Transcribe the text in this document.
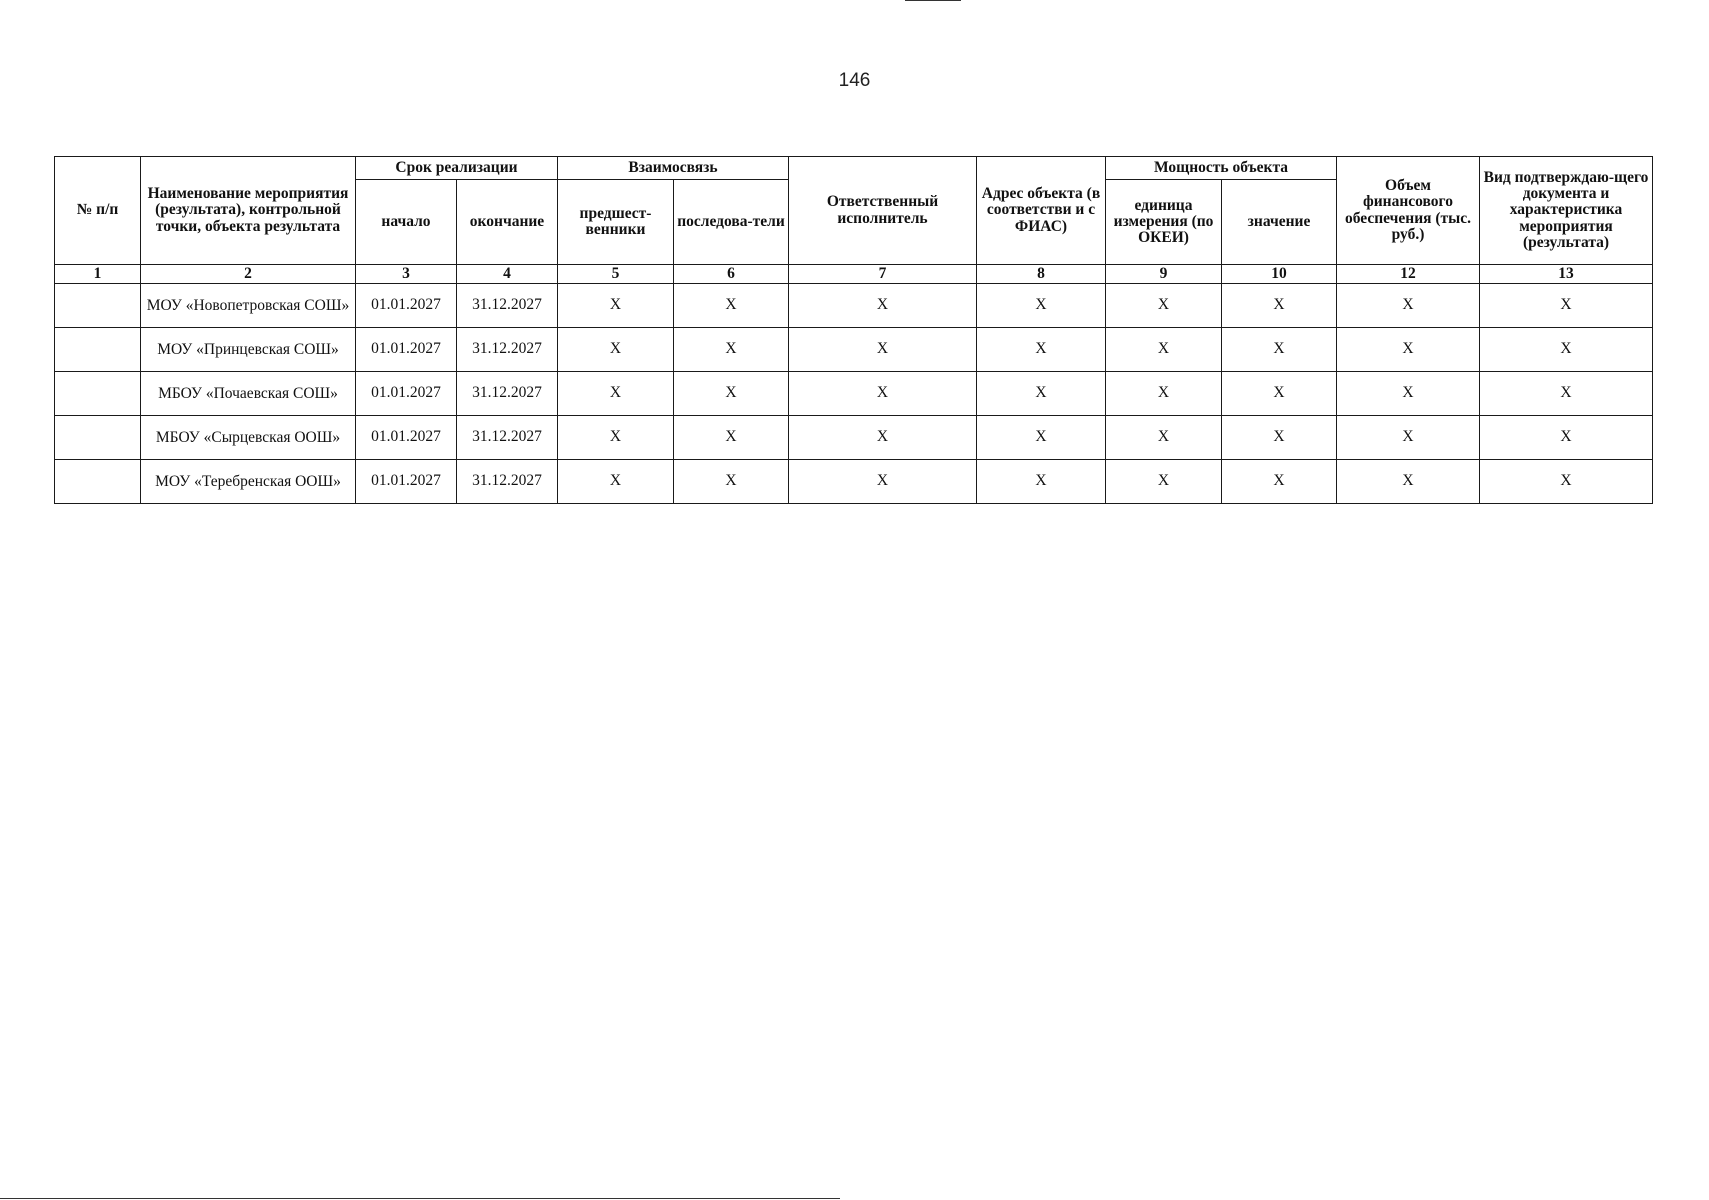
146
№ п/п	Наименование мероприятия (результата), контрольной точки, объекта результата	Срок реализации		Взаимосвязь		Ответственный исполнитель	Адрес объекта (в соответстви и с ФИАС)	Мощность объекта		Объем финансового обеспечения (тыс. руб.)	Вид подтверждаю-щего документа и характеристика мероприятия (результата)
		начало	окончание	предшест-венники	последова-тели			единица измерения (по ОКЕИ)	значение		
1	2	3	4	5	6	7	8	9	10	12	13
	МОУ «Новопетровская СОШ»	01.01.2027	31.12.2027	X	X	X	X	X	X	X	X
	МОУ «Принцевская СОШ»	01.01.2027	31.12.2027	X	X	X	X	X	X	X	X
	МБОУ «Почаевская СОШ»	01.01.2027	31.12.2027	X	X	X	X	X	X	X	X
	МБОУ «Сырцевская ООШ»	01.01.2027	31.12.2027	X	X	X	X	X	X	X	X
	МОУ «Теребренская ООШ»	01.01.2027	31.12.2027	X	X	X	X	X	X	X	X
